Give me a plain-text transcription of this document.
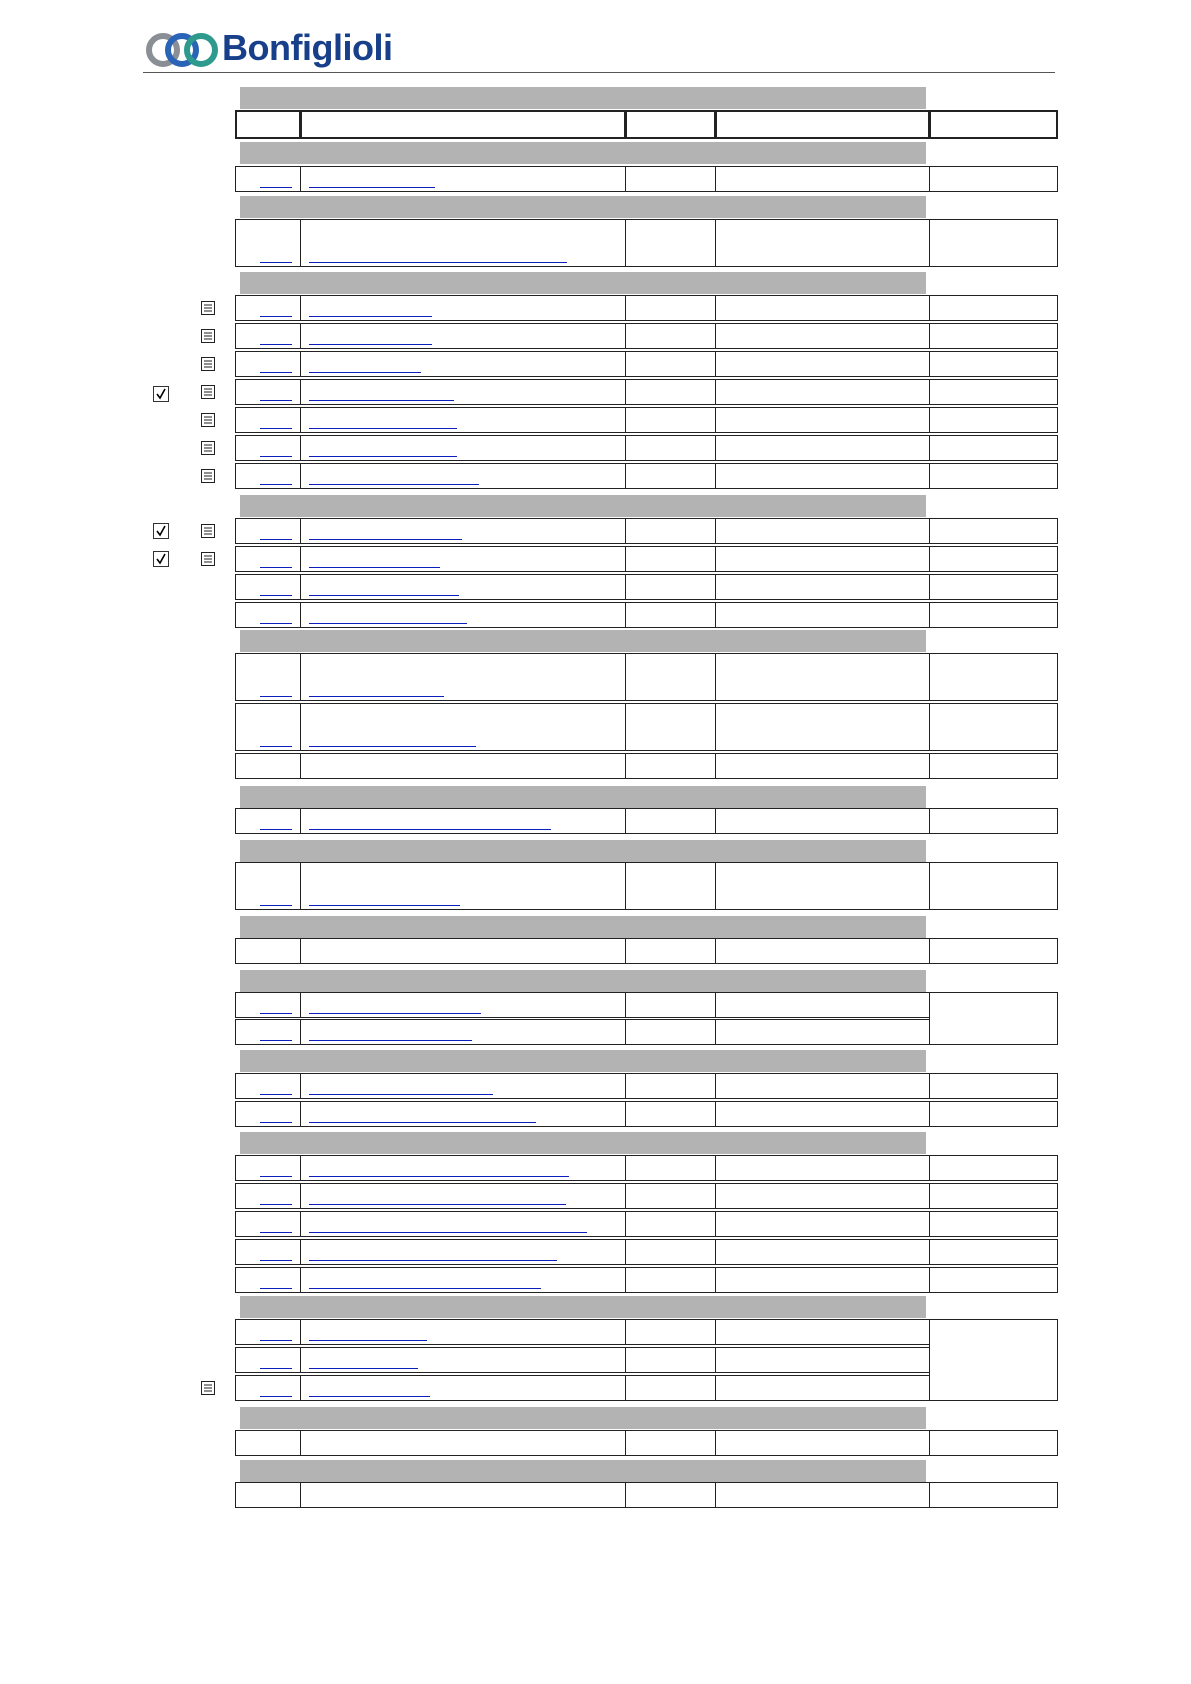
Bonfiglioli
